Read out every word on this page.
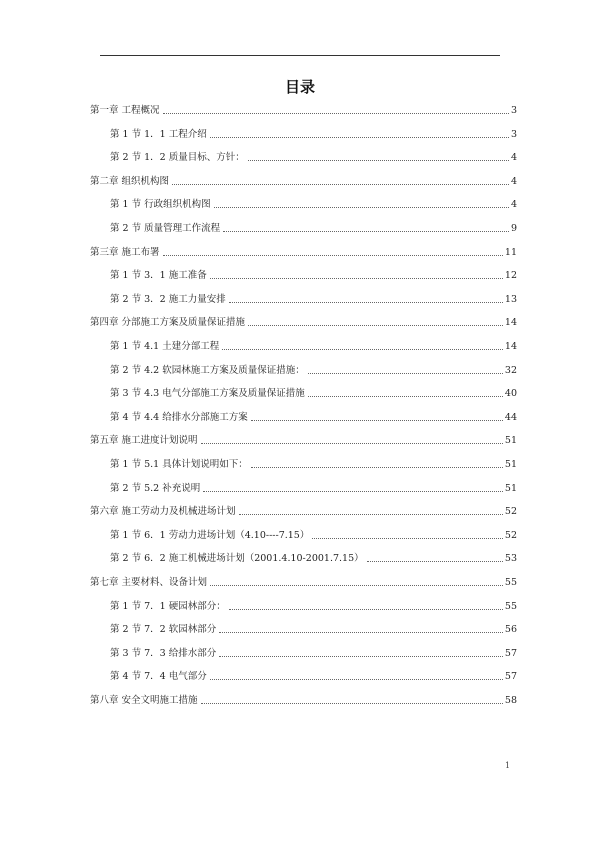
目录
第一章 工程概况	3
第 1 节 1．1 工程介绍	3
第 2 节 1．2 质量目标、方针：	4
第二章 组织机构图	4
第 1 节 行政组织机构图	4
第 2 节 质量管理工作流程	9
第三章 施工布署	11
第 1 节 3．1 施工准备	12
第 2 节 3．2 施工力量安排	13
第四章 分部施工方案及质量保证措施	14
第 1 节 4.1 土建分部工程	14
第 2 节 4.2 软园林施工方案及质量保证措施：	32
第 3 节 4.3 电气分部施工方案及质量保证措施	40
第 4 节 4.4 给排水分部施工方案	44
第五章 施工进度计划说明	51
第 1 节 5.1 具体计划说明如下：	51
第 2 节 5.2 补充说明	51
第六章 施工劳动力及机械进场计划	52
第 1 节 6．1 劳动力进场计划（4.10----7.15）	52
第 2 节 6．2 施工机械进场计划（2001.4.10-2001.7.15）	53
第七章 主要材料、设备计划	55
第 1 节 7．1 硬园林部分：	55
第 2 节 7．2 软园林部分	56
第 3 节 7．3 给排水部分	57
第 4 节 7．4 电气部分	57
第八章 安全文明施工措施	58
1
